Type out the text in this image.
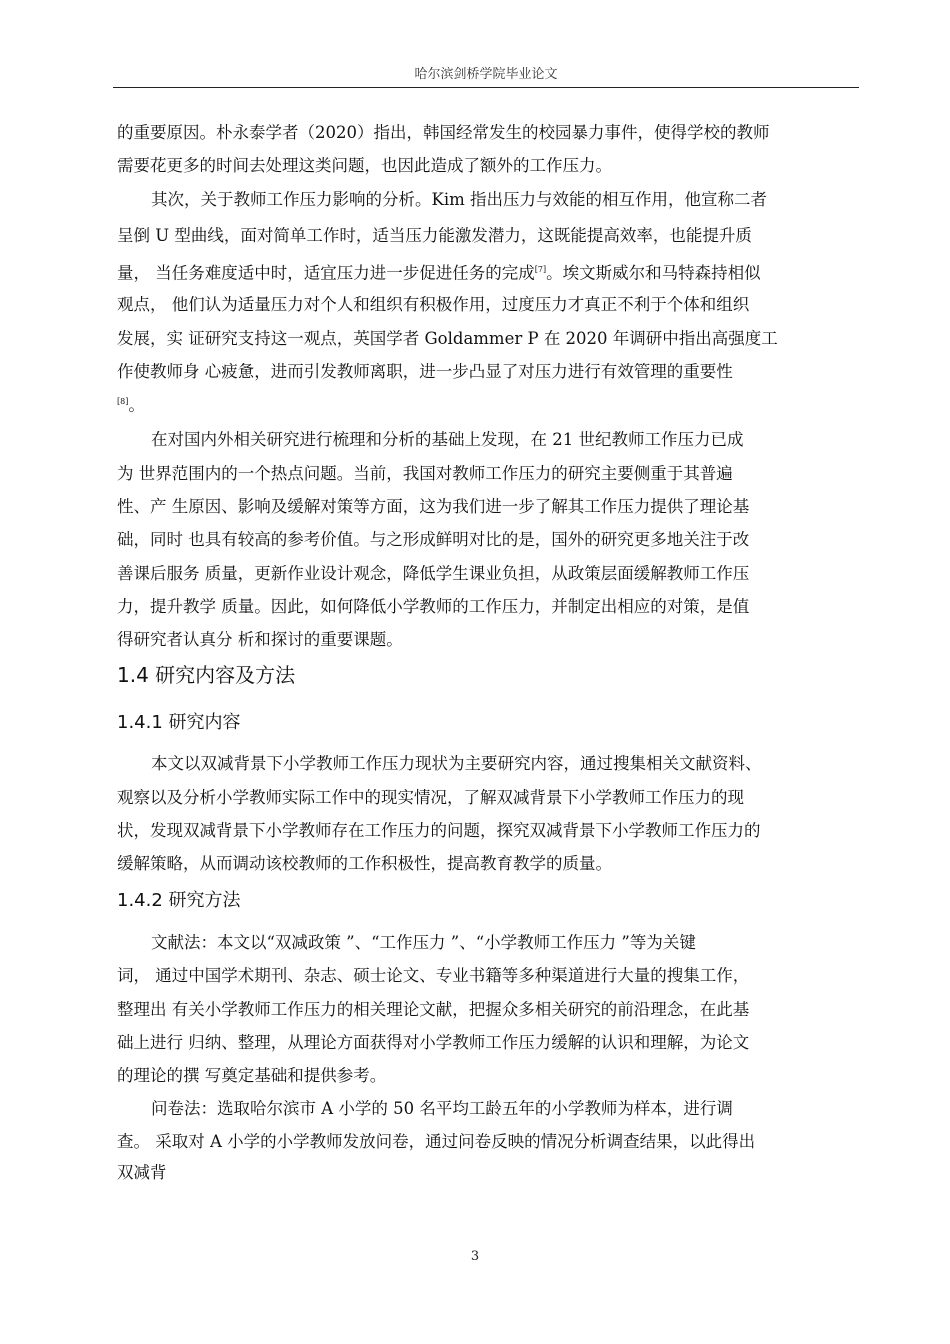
哈尔滨剑桥学院毕业论文
的重要原因。朴永泰学者（2020）指出，韩国经常发生的校园暴力事件，使得学校的教师
需要花更多的时间去处理这类问题，也因此造成了额外的工作压力。
其次，关于教师工作压力影响的分析。Kim 指出压力与效能的相互作用，他宣称二者
呈倒 U 型曲线，面对简单工作时，适当压力能激发潜力，这既能提高效率，也能提升质
量， 当任务难度适中时，适宜压力进一步促进任务的完成[7]。埃文斯威尔和马特森持相似
观点， 他们认为适量压力对个人和组织有积极作用，过度压力才真正不利于个体和组织
发展，实 证研究支持这一观点，英国学者 Goldammer P 在 2020 年调研中指出高强度工
作使教师身 心疲惫，进而引发教师离职，进一步凸显了对压力进行有效管理的重要性
[8]。
在对国内外相关研究进行梳理和分析的基础上发现，在 21 世纪教师工作压力已成
为 世界范围内的一个热点问题。当前，我国对教师工作压力的研究主要侧重于其普遍
性、产 生原因、影响及缓解对策等方面，这为我们进一步了解其工作压力提供了理论基
础，同时 也具有较高的参考价值。与之形成鲜明对比的是，国外的研究更多地关注于改
善课后服务 质量，更新作业设计观念，降低学生课业负担，从政策层面缓解教师工作压
力，提升教学 质量。因此，如何降低小学教师的工作压力，并制定出相应的对策，是值
得研究者认真分 析和探讨的重要课题。
1.4 研究内容及方法
1.4.1 研究内容
本文以双减背景下小学教师工作压力现状为主要研究内容，通过搜集相关文献资料、
观察以及分析小学教师实际工作中的现实情况，了解双减背景下小学教师工作压力的现
状，发现双减背景下小学教师存在工作压力的问题，探究双减背景下小学教师工作压力的
缓解策略，从而调动该校教师的工作积极性，提高教育教学的质量。
1.4.2 研究方法
文献法：本文以“双减政策 ”、“工作压力 ”、“小学教师工作压力 ”等为关键
词， 通过中国学术期刊、杂志、硕士论文、专业书籍等多种渠道进行大量的搜集工作，
整理出 有关小学教师工作压力的相关理论文献，把握众多相关研究的前沿理念，在此基
础上进行 归纳、整理，从理论方面获得对小学教师工作压力缓解的认识和理解，为论文
的理论的撰 写奠定基础和提供参考。
问卷法：选取哈尔滨市 A 小学的 50 名平均工龄五年的小学教师为样本，进行调
查。 采取对 A 小学的小学教师发放问卷，通过问卷反映的情况分析调查结果，以此得出
双减背
3
